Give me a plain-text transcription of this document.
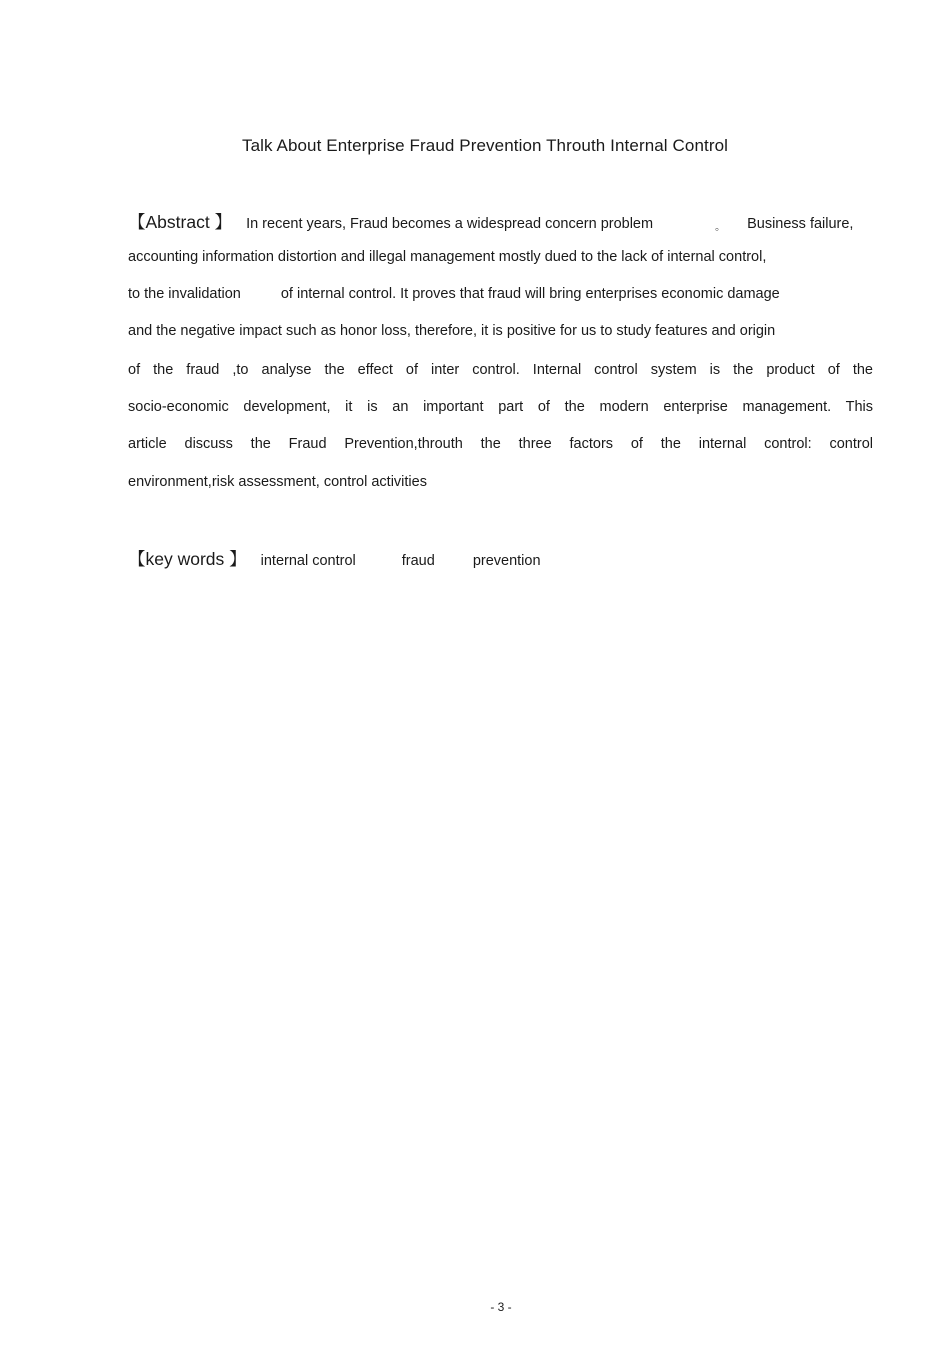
Talk About Enterprise Fraud Prevention Throuth Internal Control
【Abstract 】 In recent years, Fraud becomes a widespread concern problem	。 Business failure,
accounting information distortion and illegal management mostly dued to the lack of internal control,
to the invalidation	of internal control. It proves that fraud will bring enterprises economic damage
and the negative impact such as honor loss, therefore, it is positive for us to study features and origin
of the fraud ,to analyse the effect of inter control. Internal control system is the product of the
socio-economic development, it is an important part of the modern enterprise management. This
article discuss the Fraud Prevention,throuth the three factors of the internal control: control
environment,risk assessment, control activities
【key words 】 internal control	fraud	prevention
- 3 -
